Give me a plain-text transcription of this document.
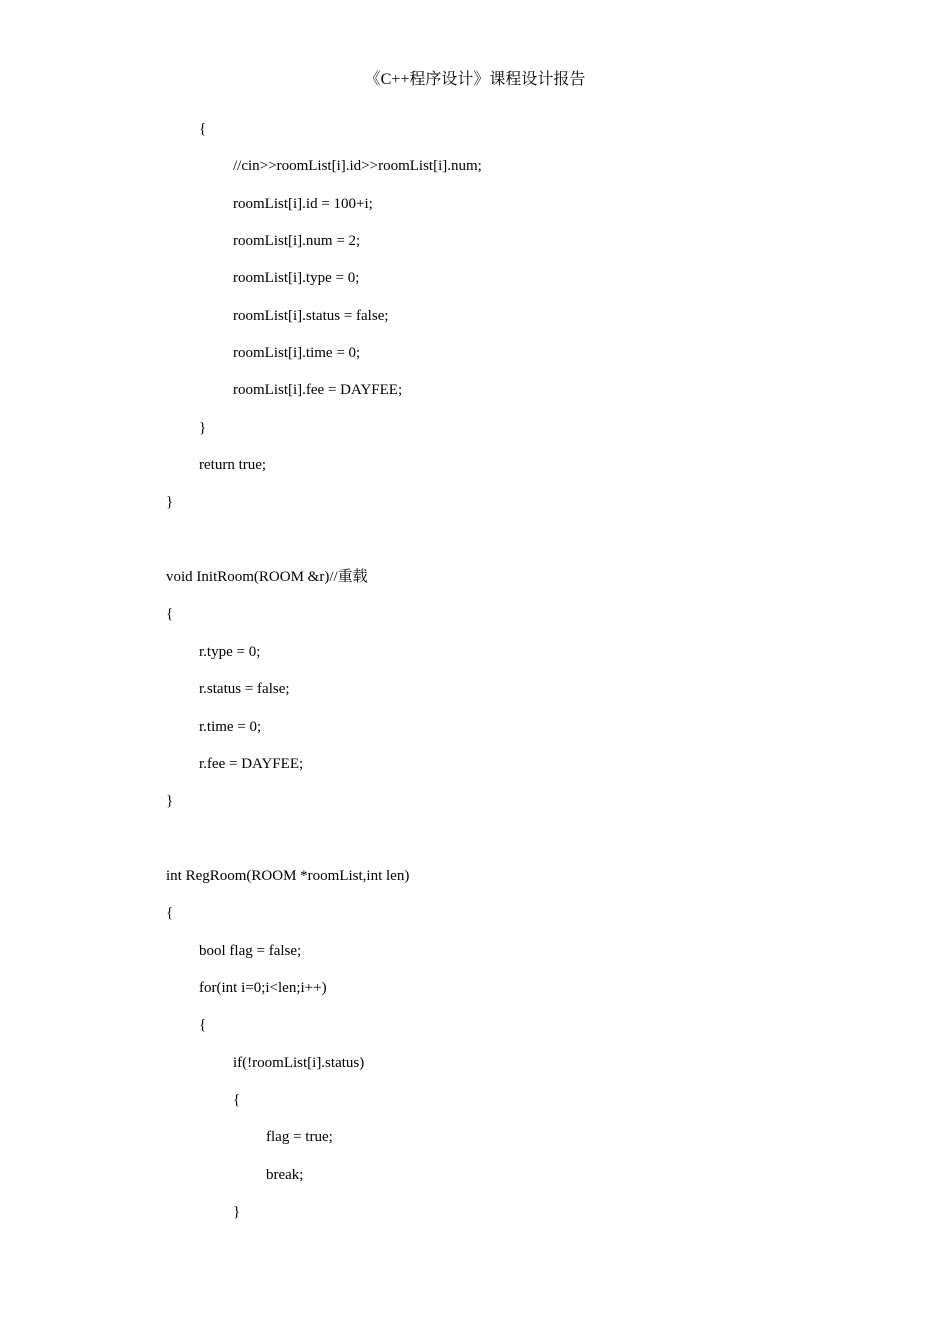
《C++程序设计》课程设计报告
{
//cin>>roomList[i].id>>roomList[i].num;
roomList[i].id = 100+i;
roomList[i].num = 2;
roomList[i].type = 0;
roomList[i].status = false;
roomList[i].time = 0;
roomList[i].fee = DAYFEE;
}
return true;
}
void InitRoom(ROOM &r)//重载
{
r.type = 0;
r.status = false;
r.time = 0;
r.fee = DAYFEE;
}
int RegRoom(ROOM *roomList,int len)
{
bool flag = false;
for(int i=0;i<len;i++)
{
if(!roomList[i].status)
{
flag = true;
break;
}
